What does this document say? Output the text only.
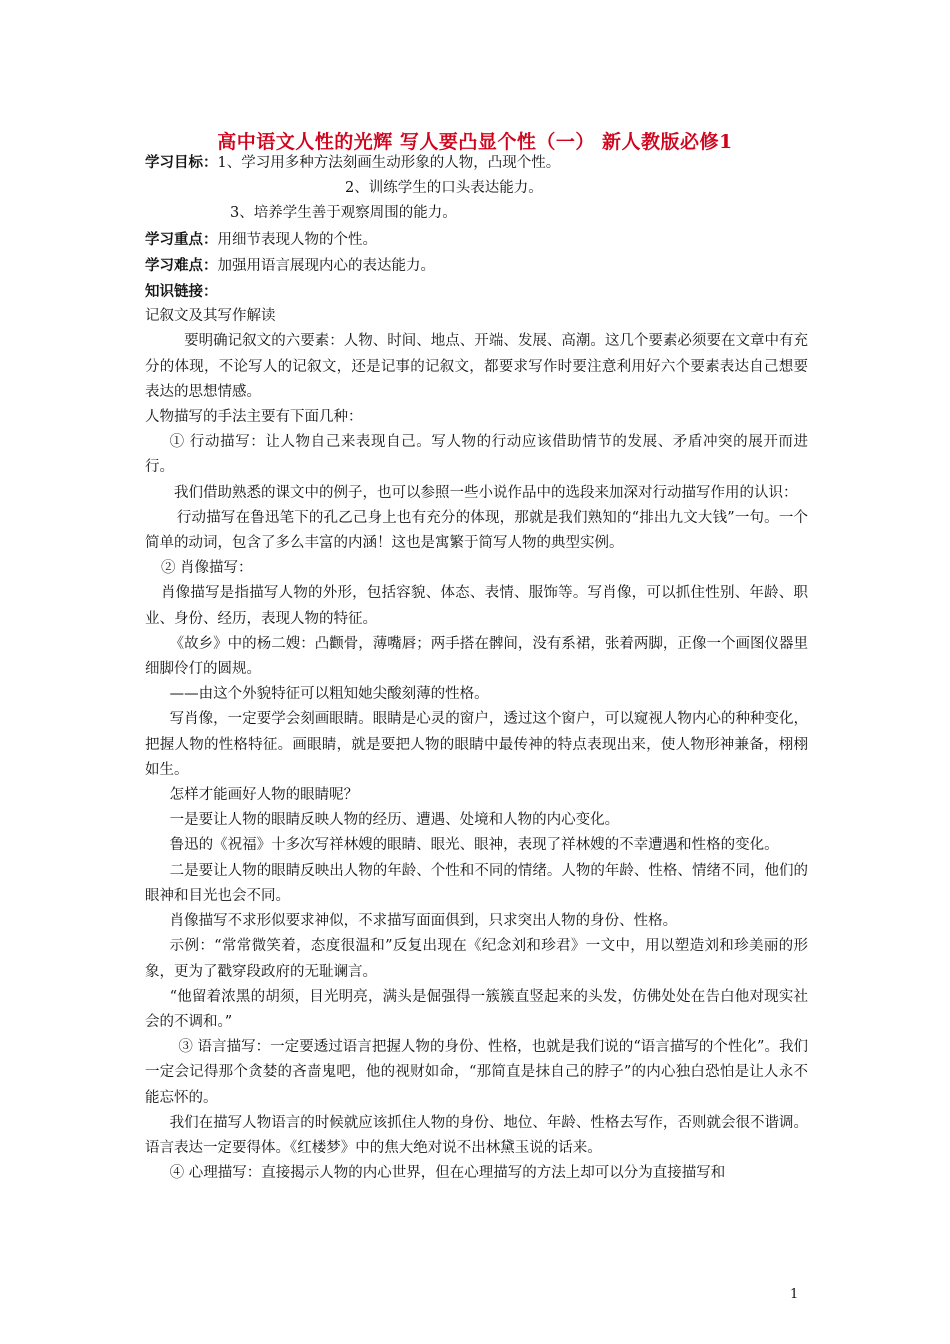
高中语文人性的光辉 写人要凸显个性（一） 新人教版必修1

学习目标：1、学习用多种方法刻画生动形象的人物，凸现个性。

2、训练学生的口头表达能力。

3、培养学生善于观察周围的能力。

学习重点：用细节表现人物的个性。

学习难点：加强用语言展现内心的表达能力。

知识链接：

记叙文及其写作解读

要明确记叙文的六要素：人物、时间、地点、开端、发展、高潮。这几个要素必须要在文章中有充分的体现，不论写人的记叙文，还是记事的记叙文，都要求写作时要注意利用好六个要素表达自己想要表达的思想情感。

人物描写的手法主要有下面几种：

① 行动描写：让人物自己来表现自己。写人物的行动应该借助情节的发展、矛盾冲突的展开而进行。

我们借助熟悉的课文中的例子，也可以参照一些小说作品中的选段来加深对行动描写作用的认识：

行动描写在鲁迅笔下的孔乙己身上也有充分的体现，那就是我们熟知的“排出九文大钱”一句。一个简单的动词，包含了多么丰富的内涵！这也是寓繁于简写人物的典型实例。

② 肖像描写：

肖像描写是指描写人物的外形，包括容貌、体态、表情、服饰等。写肖像，可以抓住性别、年龄、职业、身份、经历，表现人物的特征。

《故乡》中的杨二嫂：凸颧骨，薄嘴唇；两手搭在髀间，没有系裙，张着两脚，正像一个画图仪器里细脚伶仃的圆规。

——由这个外貌特征可以粗知她尖酸刻薄的性格。

写肖像，一定要学会刻画眼睛。眼睛是心灵的窗户，透过这个窗户，可以窥视人物内心的种种变化，把握人物的性格特征。画眼睛，就是要把人物的眼睛中最传神的特点表现出来，使人物形神兼备，栩栩如生。

怎样才能画好人物的眼睛呢？

一是要让人物的眼睛反映人物的经历、遭遇、处境和人物的内心变化。

鲁迅的《祝福》十多次写祥林嫂的眼睛、眼光、眼神，表现了祥林嫂的不幸遭遇和性格的变化。

二是要让人物的眼睛反映出人物的年龄、个性和不同的情绪。人物的年龄、性格、情绪不同，他们的眼神和目光也会不同。

肖像描写不求形似要求神似，不求描写面面俱到，只求突出人物的身份、性格。

示例：“常常微笑着，态度很温和”反复出现在《纪念刘和珍君》一文中，用以塑造刘和珍美丽的形象，更为了戳穿段政府的无耻谰言。

“他留着浓黑的胡须，目光明亮，满头是倔强得一簇簇直竖起来的头发，仿佛处处在告白他对现实社会的不调和。”

③ 语言描写：一定要透过语言把握人物的身份、性格，也就是我们说的“语言描写的个性化”。我们一定会记得那个贪婪的吝啬鬼吧，他的视财如命，“那简直是抹自己的脖子”的内心独白恐怕是让人永不能忘怀的。

我们在描写人物语言的时候就应该抓住人物的身份、地位、年龄、性格去写作，否则就会很不谐调。语言表达一定要得体。《红楼梦》中的焦大绝对说不出林黛玉说的话来。

④ 心理描写：直接揭示人物的内心世界，但在心理描写的方法上却可以分为直接描写和

1
